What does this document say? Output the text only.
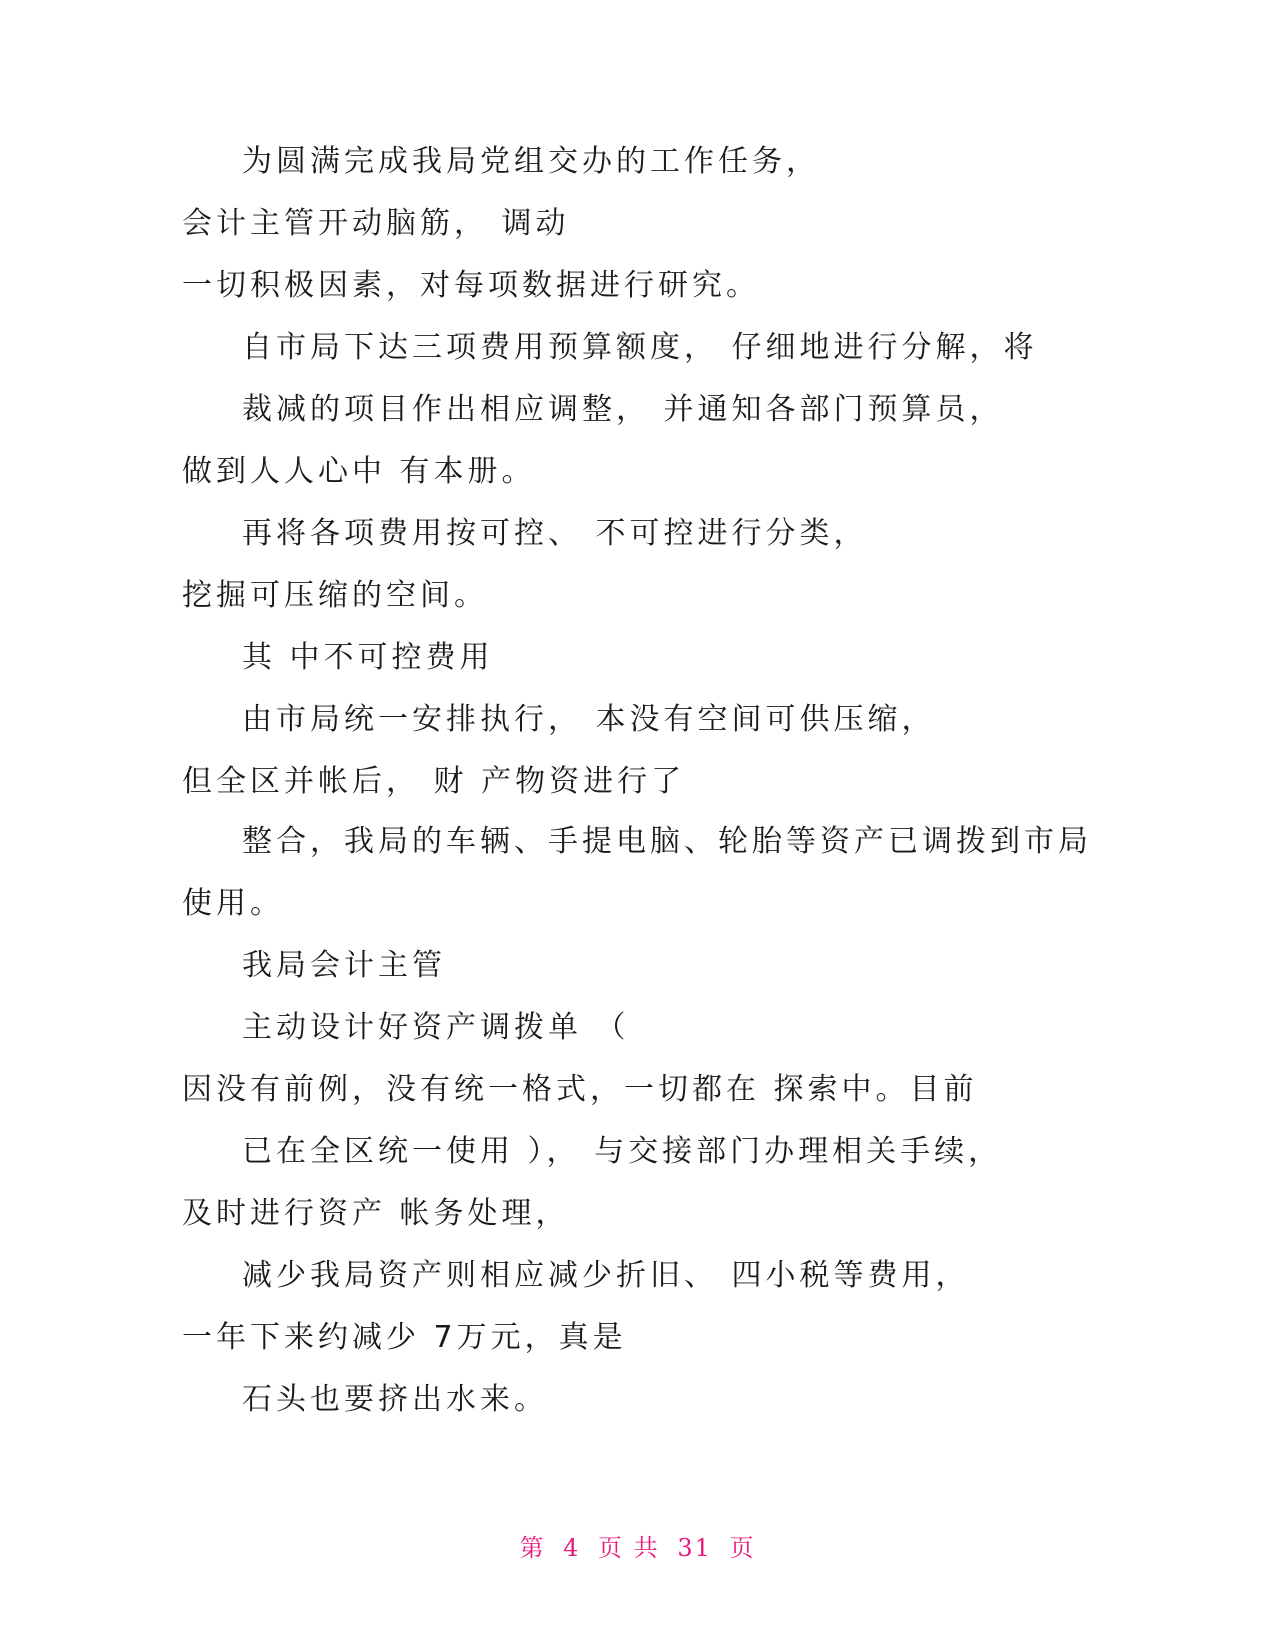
为圆满完成我局党组交办的工作任务，
会计主管开动脑筋， 调动
一切积极因素，对每项数据进行研究。
自市局下达三项费用预算额度， 仔细地进行分解，将
裁减的项目作出相应调整， 并通知各部门预算员，
做到人人心中 有本册。
再将各项费用按可控、 不可控进行分类，
挖掘可压缩的空间。
其 中不可控费用
由市局统一安排执行， 本没有空间可供压缩，
但全区并帐后， 财 产物资进行了
整合，我局的车辆、手提电脑、轮胎等资产已调拨到市局
使用。
我局会计主管
主动设计好资产调拨单 （
因没有前例，没有统一格式，一切都在 探索中。目前
已在全区统一使用 ）， 与交接部门办理相关手续，
及时进行资产 帐务处理，
减少我局资产则相应减少折旧、 四小税等费用，
一年下来约减少 7万元，真是
石头也要挤出水来。
第 4 页 共 31 页
